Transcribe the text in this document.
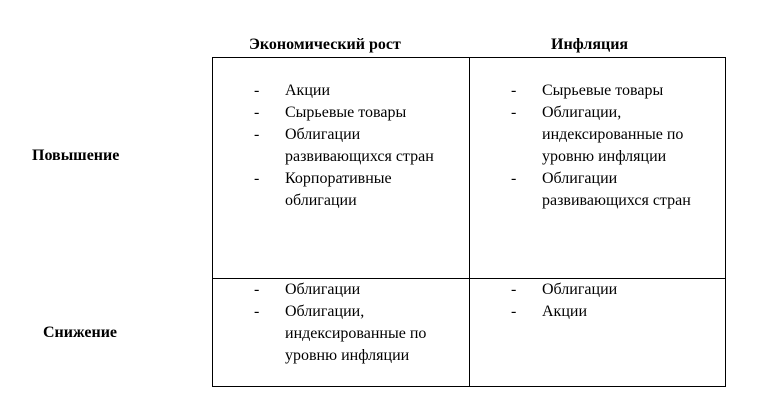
Экономический рост	Инфляция
Повышение
Снижение
- Акции
- Сырьевые товары
- Облигации развивающихся стран
- Корпоративные облигации
- Сырьевые товары
- Облигации, индексированные по уровню инфляции
- Облигации развивающихся стран
- Облигации
- Облигации, индексированные по уровню инфляции
- Облигации
- Акции
